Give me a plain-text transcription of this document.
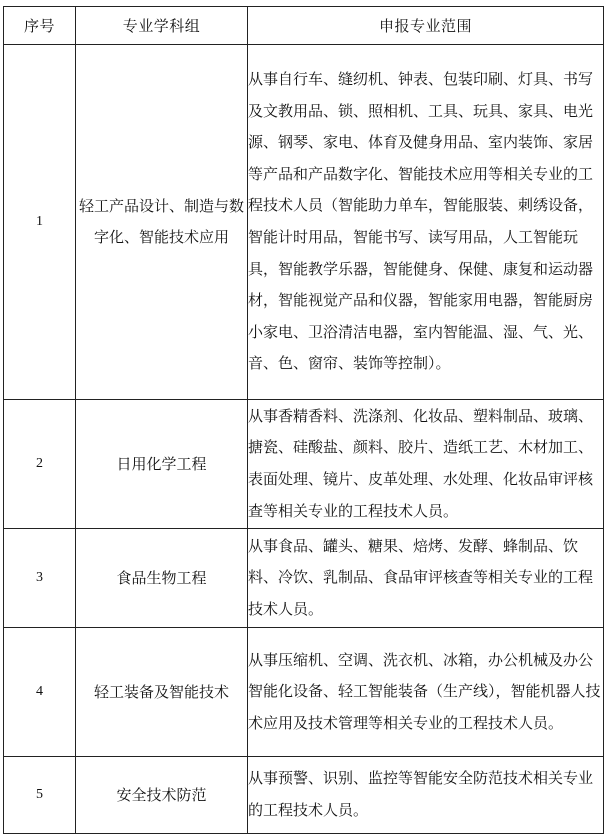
序号	专业学科组	申报专业范围
1	轻工产品设计、制造与数字化、智能技术应用	从事自行车、缝纫机、钟表、包装印刷、灯具、书写及文教用品、锁、照相机、工具、玩具、家具、电光源、钢琴、家电、体育及健身用品、室内装饰、家居等产品和产品数字化、智能技术应用等相关专业的工程技术人员（智能助力单车，智能服装、刺绣设备，智能计时用品，智能书写、读写用品，人工智能玩具，智能教学乐器，智能健身、保健、康复和运动器材，智能视觉产品和仪器，智能家用电器，智能厨房小家电、卫浴清洁电器，室内智能温、湿、气、光、音、色、窗帘、装饰等控制）。
2	日用化学工程	从事香精香料、洗涤剂、化妆品、塑料制品、玻璃、搪瓷、硅酸盐、颜料、胶片、造纸工艺、木材加工、表面处理、镜片、皮革处理、水处理、化妆品审评核查等相关专业的工程技术人员。
3	食品生物工程	从事食品、罐头、糖果、焙烤、发酵、蜂制品、饮料、冷饮、乳制品、食品审评核查等相关专业的工程技术人员。
4	轻工装备及智能技术	从事压缩机、空调、洗衣机、冰箱，办公机械及办公智能化设备、轻工智能装备（生产线），智能机器人技术应用及技术管理等相关专业的工程技术人员。
5	安全技术防范	从事预警、识别、监控等智能安全防范技术相关专业的工程技术人员。
